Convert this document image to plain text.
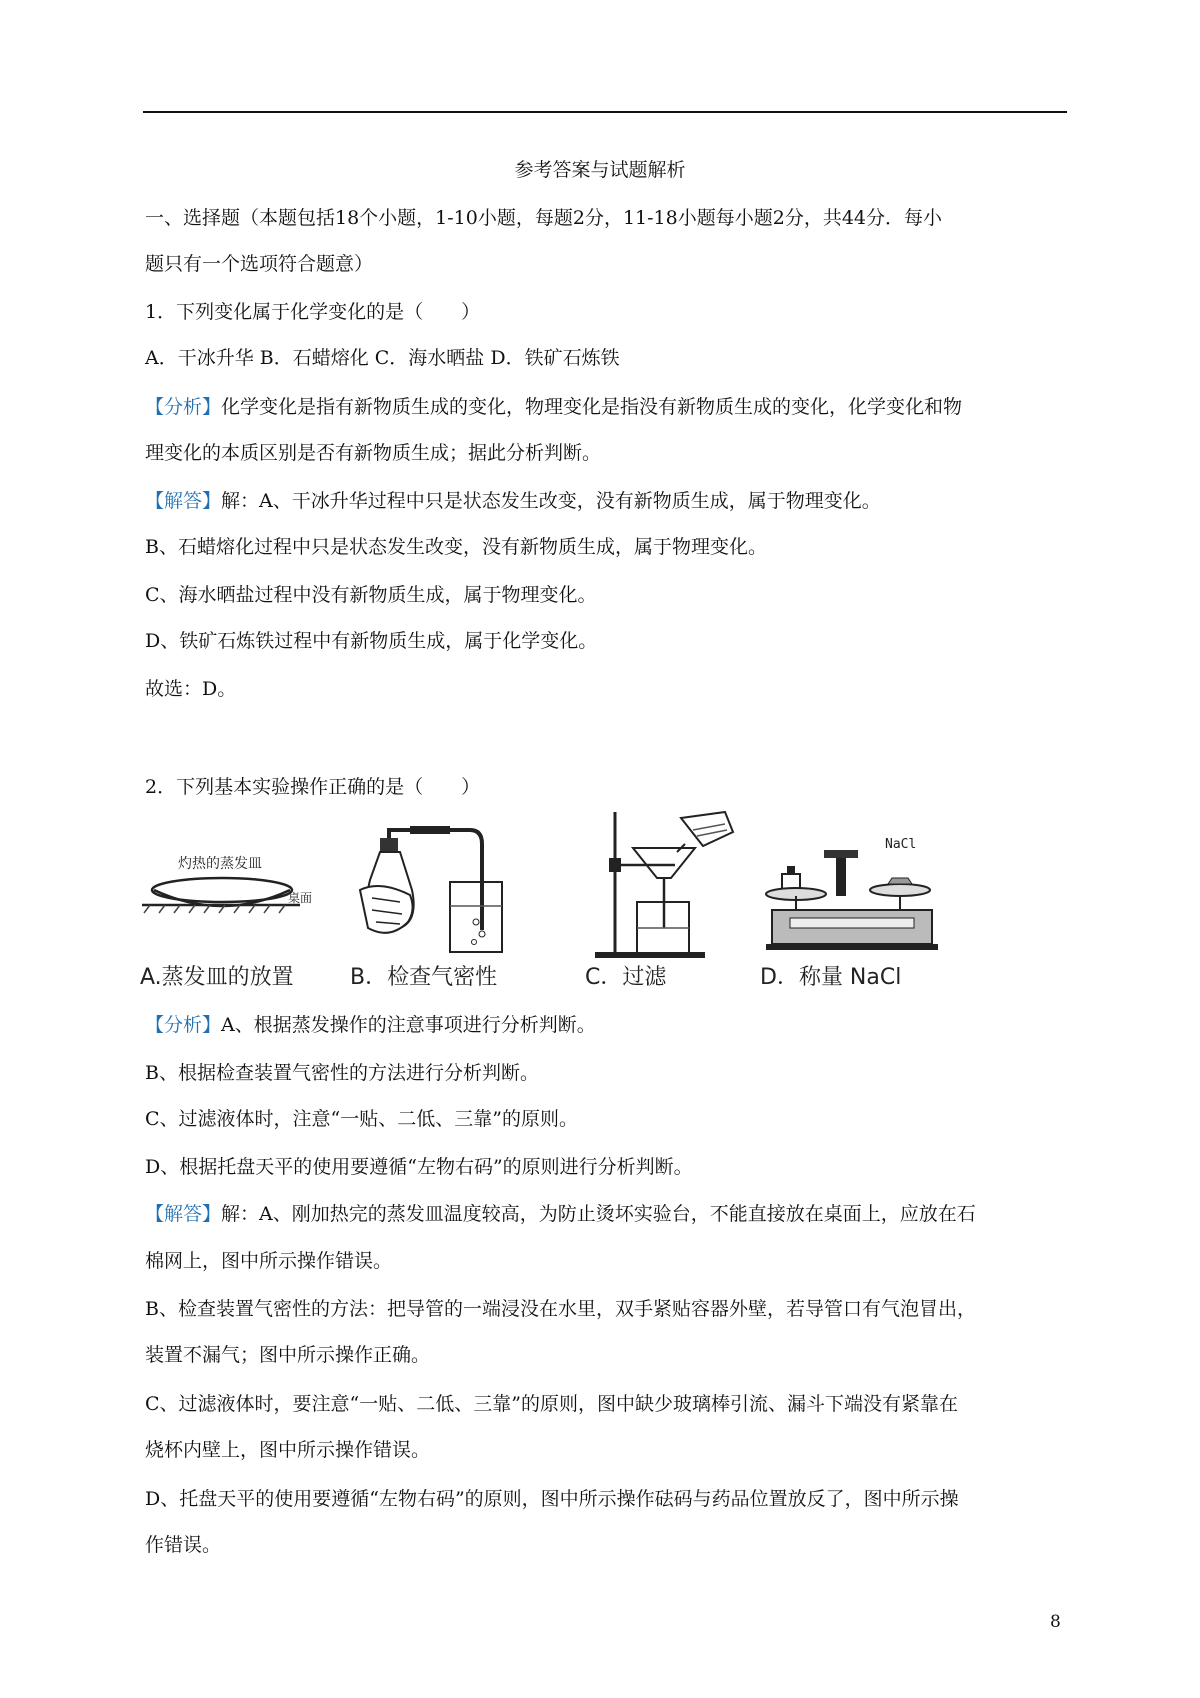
参考答案与试题解析
一、选择题（本题包括18个小题，1-10小题，每题2分，11-18小题每小题2分，共44分．每小
题只有一个选项符合题意）
1．下列变化属于化学变化的是（　　）
A．干冰升华 B．石蜡熔化 C．海水晒盐 D．铁矿石炼铁
【分析】化学变化是指有新物质生成的变化，物理变化是指没有新物质生成的变化，化学变化和物
理变化的本质区别是否有新物质生成；据此分析判断。
【解答】解：A、干冰升华过程中只是状态发生改变，没有新物质生成，属于物理变化。
B、石蜡熔化过程中只是状态发生改变，没有新物质生成，属于物理变化。
C、海水晒盐过程中没有新物质生成，属于物理变化。
D、铁矿石炼铁过程中有新物质生成，属于化学变化。
故选：D。
2．下列基本实验操作正确的是（　　）
灼热的蒸发皿
桌面
A.蒸发皿的放置	B．检查气密性	C．过滤
NaCl
D．称量 NaCl
【分析】A、根据蒸发操作的注意事项进行分析判断。
B、根据检查装置气密性的方法进行分析判断。
C、过滤液体时，注意“一贴、二低、三靠”的原则。
D、根据托盘天平的使用要遵循“左物右码”的原则进行分析判断。
【解答】解：A、刚加热完的蒸发皿温度较高，为防止烫坏实验台，不能直接放在桌面上，应放在石
棉网上，图中所示操作错误。
B、检查装置气密性的方法：把导管的一端浸没在水里，双手紧贴容器外壁，若导管口有气泡冒出，
装置不漏气；图中所示操作正确。
C、过滤液体时，要注意“一贴、二低、三靠”的原则，图中缺少玻璃棒引流、漏斗下端没有紧靠在
烧杯内壁上，图中所示操作错误。
D、托盘天平的使用要遵循“左物右码”的原则，图中所示操作砝码与药品位置放反了，图中所示操
作错误。
8
